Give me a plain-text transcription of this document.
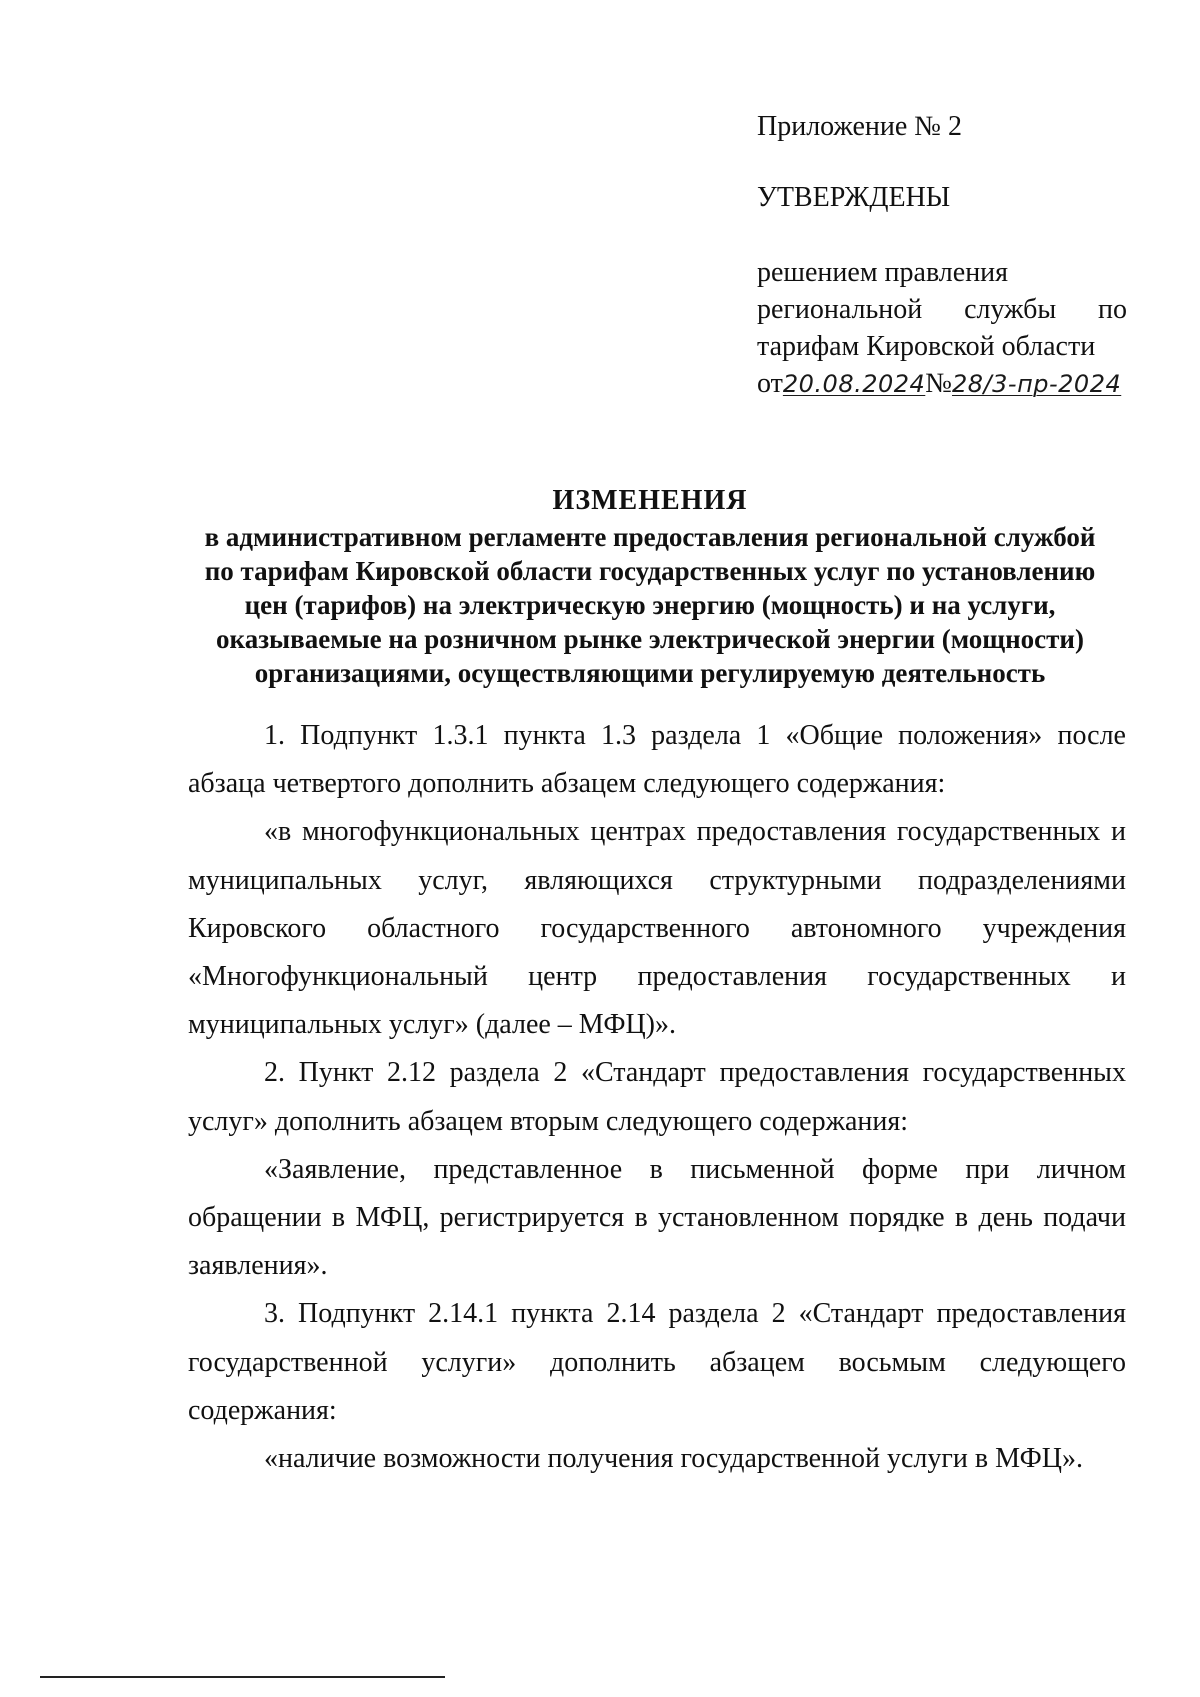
Приложение № 2
УТВЕРЖДЕНЫ
решением правления
региональной службы по
тарифам Кировской области
от20.08.2024№28/3-пр-2024
ИЗМЕНЕНИЯ
в административном регламенте предоставления региональной службой
по тарифам Кировской области государственных услуг по установлению
цен (тарифов) на электрическую энергию (мощность) и на услуги,
оказываемые на розничном рынке электрической энергии (мощности)
организациями, осуществляющими регулируемую деятельность

1. Подпункт 1.3.1 пункта 1.3 раздела 1 «Общие положения» после абзаца четвертого дополнить абзацем следующего содержания:

«в многофункциональных центрах предоставления государственных и муниципальных услуг, являющихся структурными подразделениями Кировского областного государственного автономного учреждения «Многофункциональный центр предоставления государственных и муниципальных услуг» (далее – МФЦ)».

2. Пункт 2.12 раздела 2 «Стандарт предоставления государственных услуг» дополнить абзацем вторым следующего содержания:

«Заявление, представленное в письменной форме при личном обращении в МФЦ, регистрируется в установленном порядке в день подачи заявления».

3. Подпункт 2.14.1 пункта 2.14 раздела 2 «Стандарт предоставления государственной услуги» дополнить абзацем восьмым следующего содержания:

«наличие возможности получения государственной услуги в МФЦ».
